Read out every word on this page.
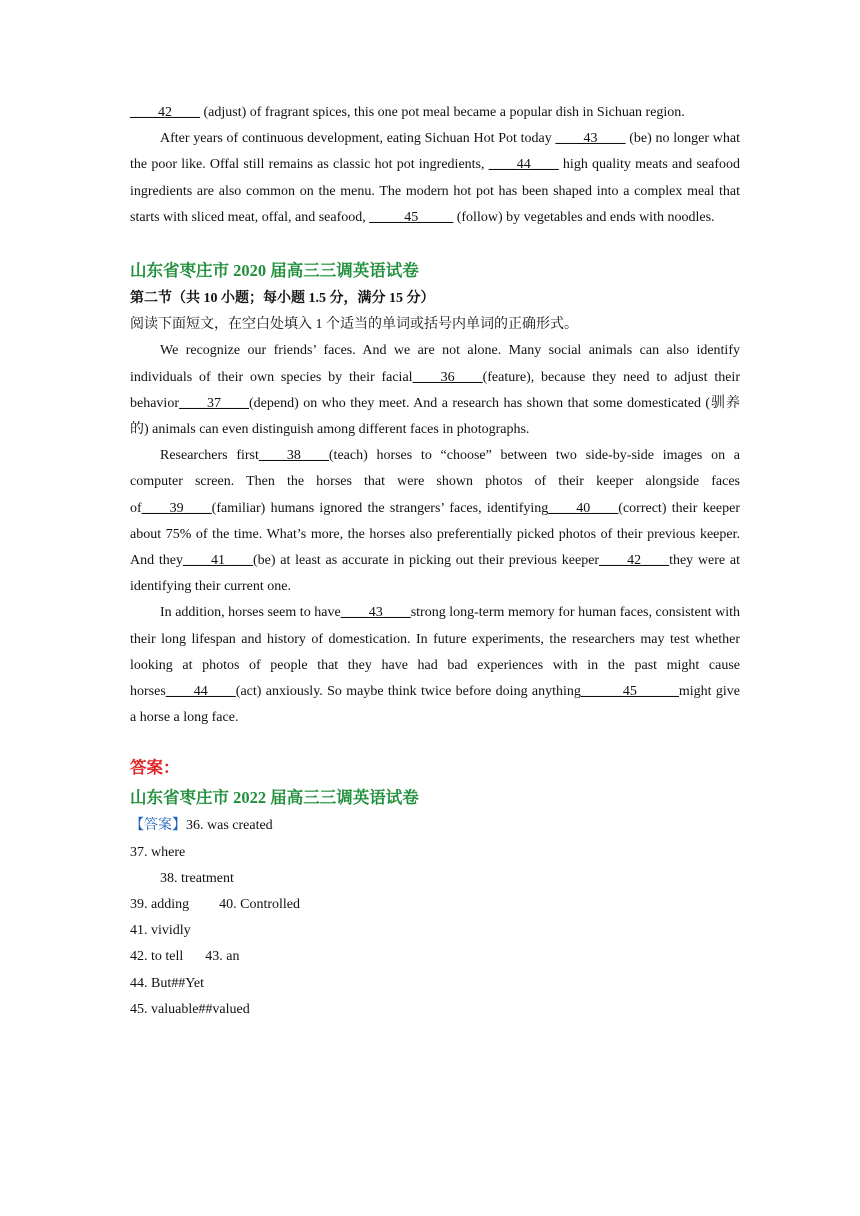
____42____ (adjust) of fragrant spices, this one pot meal became a popular dish in Sichuan region.

After years of continuous development, eating Sichuan Hot Pot today ____43____ (be) no longer what the poor like. Offal still remains as classic hot pot ingredients, ____44____ high quality meats and seafood ingredients are also common on the menu. The modern hot pot has been shaped into a complex meal that starts with sliced meat, offal, and seafood, _____45_____ (follow) by vegetables and ends with noodles.

山东省枣庄市 2020 届高三三调英语试卷

第二节（共 10 小题；每小题 1.5 分，满分 15 分）

阅读下面短文，在空白处填入 1 个适当的单词或括号内单词的正确形式。

We recognize our friends’ faces. And we are not alone. Many social animals can also identify individuals of their own species by their facial____36____(feature), because they need to adjust their behavior____37____(depend) on who they meet. And a research has shown that some domesticated (驯养的) animals can even distinguish among different faces in photographs.

Researchers first____38____(teach) horses to “choose” between two side-by-side images on a computer screen. Then the horses that were shown photos of their keeper alongside faces of____39____(familiar) humans ignored the strangers’ faces, identifying____40____(correct) their keeper about 75% of the time. What’s more, the horses also preferentially picked photos of their previous keeper. And they____41____(be) at least as accurate in picking out their previous keeper____42____they were at identifying their current one.

In addition, horses seem to have____43____strong long-term memory for human faces, consistent with their long lifespan and history of domestication. In future experiments, the researchers may test whether looking at photos of people that they have had bad experiences with in the past might cause horses____44____(act) anxiously. So maybe think twice before doing anything______45______might give a horse a long face.

答案：

山东省枣庄市 2022 届高三三调英语试卷

【答案】36. was created

37. where

38. treatment

39. adding 40. Controlled

41. vividly

42. to tell 43. an

44. But##Yet

45. valuable##valued
